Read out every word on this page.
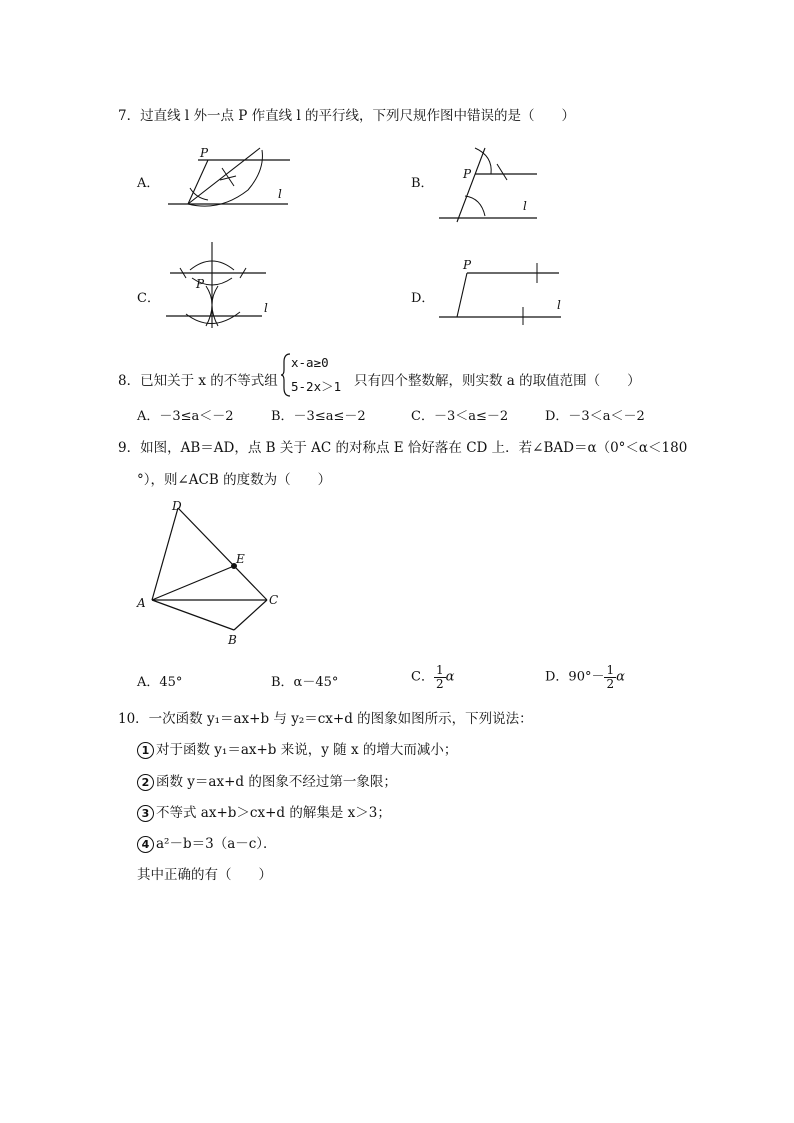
7．过直线 l 外一点 P 作直线 l 的平行线，下列尺规作图中错误的是（　　）
A．
P
l
B．
P
l
C．
P
l
D．
P
l
8．已知关于 x 的不等式组
x-a≥0
5-2x＞1 只有四个整数解，则实数 a 的取值范围（　　）
A．－3≤a＜－2	B．－3≤a≤－2	C．－3＜a≤－2	D．－3＜a＜－2
9．如图，AB＝AD，点 B 关于 AC 的对称点 E 恰好落在 CD 上．若∠BAD＝α（0°＜α＜180
°），则∠ACB 的度数为（　　）
D
E
A	C
B
A．45°	B．α－45°	C． $\frac{1}{2}$ α	D．$90^\circ- \frac{1}{2}$ α
10．一次函数 y₁＝ax+b 与 y₂＝cx+d 的图象如图所示，下列说法：
1 对于函数 y₁＝ax+b 来说，y 随 x 的增大而减小；
2 函数 y＝ax+d 的图象不经过第一象限；
3 不等式 ax+b＞cx+d 的解集是 x＞3；
4 a²－b＝3（a－c）．
其中正确的有（　　）
